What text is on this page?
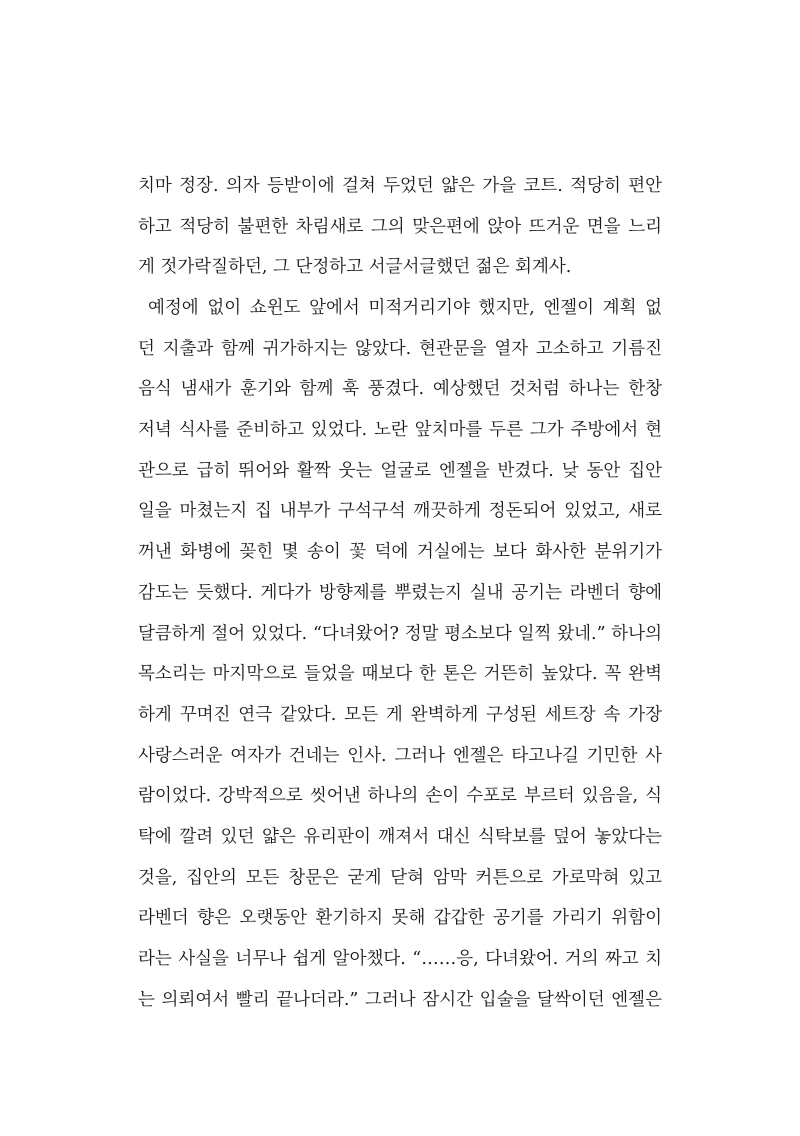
치마 정장. 의자 등받이에 걸쳐 두었던 얇은 가을 코트. 적당히 편안
하고 적당히 불편한 차림새로 그의 맞은편에 앉아 뜨거운 면을 느리
게 젓가락질하던, 그 단정하고 서글서글했던 젊은 회계사.
예정에 없이 쇼윈도 앞에서 미적거리기야 했지만, 엔젤이 계획 없
던 지출과 함께 귀가하지는 않았다. 현관문을 열자 고소하고 기름진
음식 냄새가 훈기와 함께 훅 풍겼다. 예상했던 것처럼 하나는 한창
저녁 식사를 준비하고 있었다. 노란 앞치마를 두른 그가 주방에서 현
관으로 급히 뛰어와 활짝 웃는 얼굴로 엔젤을 반겼다. 낮 동안 집안
일을 마쳤는지 집 내부가 구석구석 깨끗하게 정돈되어 있었고, 새로
꺼낸 화병에 꽂힌 몇 송이 꽃 덕에 거실에는 보다 화사한 분위기가
감도는 듯했다. 게다가 방향제를 뿌렸는지 실내 공기는 라벤더 향에
달큼하게 절어 있었다. “다녀왔어? 정말 평소보다 일찍 왔네.” 하나의
목소리는 마지막으로 들었을 때보다 한 톤은 거뜬히 높았다. 꼭 완벽
하게 꾸며진 연극 같았다. 모든 게 완벽하게 구성된 세트장 속 가장
사랑스러운 여자가 건네는 인사. 그러나 엔젤은 타고나길 기민한 사
람이었다. 강박적으로 씻어낸 하나의 손이 수포로 부르터 있음을, 식
탁에 깔려 있던 얇은 유리판이 깨져서 대신 식탁보를 덮어 놓았다는
것을, 집안의 모든 창문은 굳게 닫혀 암막 커튼으로 가로막혀 있고
라벤더 향은 오랫동안 환기하지 못해 갑갑한 공기를 가리기 위함이
라는 사실을 너무나 쉽게 알아챘다. “……응, 다녀왔어. 거의 짜고 치
는 의뢰여서 빨리 끝나더라.” 그러나 잠시간 입술을 달싹이던 엔젤은
